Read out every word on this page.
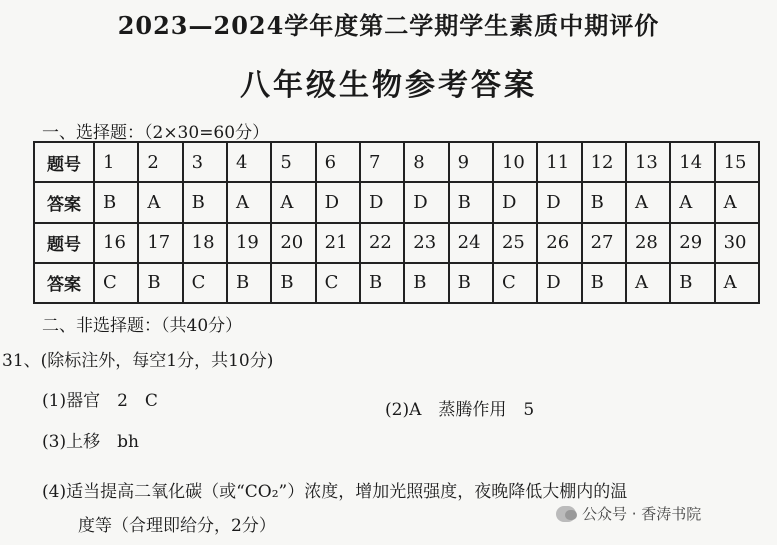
2023—2024学年度第二学期学生素质中期评价
八年级生物参考答案
一、选择题：（2×30=60分）
题号	1	2	3	4	5	6	7	8	9	10	11	12	13	14	15
答案	B	A	B	A	A	D	D	D	B	D	D	B	A	A	A
题号	16	17	18	19	20	21	22	23	24	25	26	27	28	29	30
答案	C	B	C	B	B	C	B	B	B	C	D	B	A	B	A
二、非选择题：（共40分）
31、(除标注外，每空1分，共10分)
(1)器官　2　C	(2)A　蒸腾作用　5
(3)上移　bh
(4)适当提高二氧化碳（或“CO₂”）浓度，增加光照强度，夜晚降低大棚内的温
度等（合理即给分，2分）
公众号 · 香涛书院
